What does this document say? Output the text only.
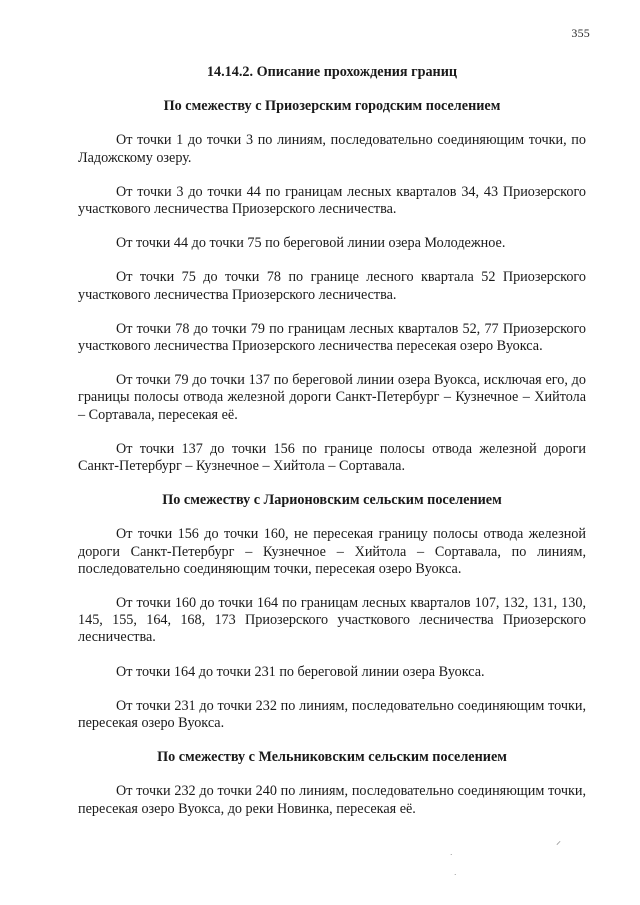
355

14.14.2. Описание прохождения границ

По смежеству с Приозерским городским поселением

От точки 1 до точки 3 по линиям, последовательно соединяющим точки, по Ладожскому озеру.

От точки 3 до точки 44 по границам лесных кварталов 34, 43 Приозерского участкового лесничества Приозерского лесничества.

От точки 44 до точки 75 по береговой линии озера Молодежное.

От точки 75 до точки 78 по границе лесного квартала 52 Приозерского участкового лесничества Приозерского лесничества.

От точки 78 до точки 79 по границам лесных кварталов 52, 77 Приозерского участкового лесничества Приозерского лесничества пересекая озеро Вуокса.

От точки 79 до точки 137 по береговой линии озера Вуокса, исключая его, до границы полосы отвода железной дороги Санкт-Петербург – Кузнечное – Хийтола – Сортавала, пересекая её.

От точки 137 до точки 156 по границе полосы отвода железной дороги Санкт-Петербург – Кузнечное – Хийтола – Сортавала.

По смежеству с Ларионовским сельским поселением

От точки 156 до точки 160, не пересекая границу полосы отвода железной дороги Санкт-Петербург – Кузнечное – Хийтола – Сортавала, по линиям, последовательно соединяющим точки, пересекая озеро Вуокса.

От точки 160 до точки 164 по границам лесных кварталов 107, 132, 131, 130, 145, 155, 164, 168, 173 Приозерского участкового лесничества Приозерского лесничества.

От точки 164 до точки 231 по береговой линии озера Вуокса.

От точки 231 до точки 232 по линиям, последовательно соединяющим точки, пересекая озеро Вуокса.

По смежеству с Мельниковским сельским поселением

От точки 232 до точки 240 по линиям, последовательно соединяющим точки, пересекая озеро Вуокса, до реки Новинка, пересекая её.

⸝
·
·
